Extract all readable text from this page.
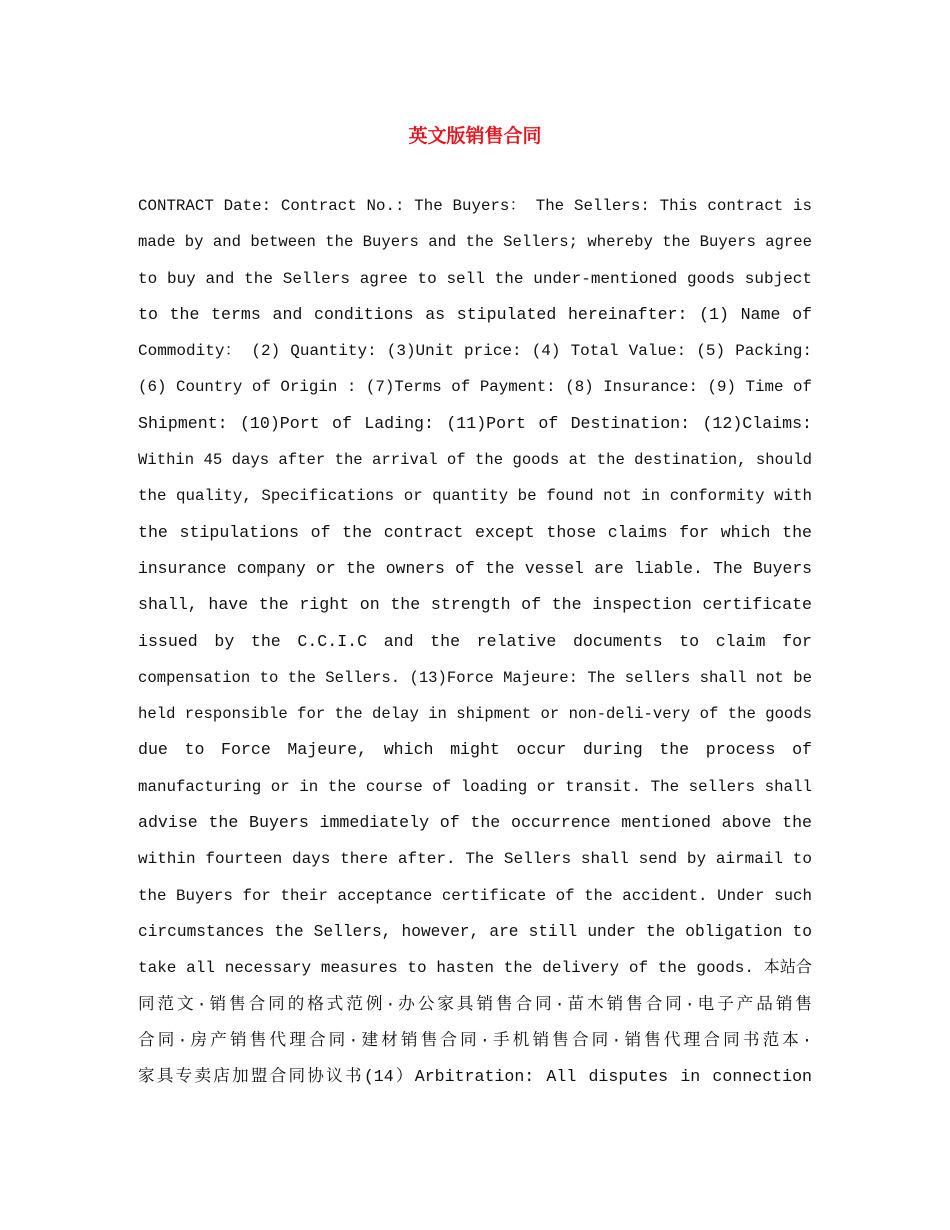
英文版销售合同
CONTRACT Date: Contract No.: The Buyers： The Sellers: This contract is
made by and between the Buyers and the Sellers; whereby the Buyers agree
to buy and the Sellers agree to sell the under-mentioned goods subject
to the terms and conditions as stipulated hereinafter: (1) Name of
Commodity： (2) Quantity: (3)Unit price: (4) Total Value: (5) Packing:
(6) Country of Origin : (7)Terms of Payment: (8) Insurance: (9) Time of
Shipment: (10)Port of Lading: (11)Port of Destination: (12)Claims:
Within 45 days after the arrival of the goods at the destination, should
the quality, Specifications or quantity be found not in conformity with
the stipulations of the contract except those claims for which the
insurance company or the owners of the vessel are liable. The Buyers
shall, have the right on the strength of the inspection certificate
issued by the C.C.I.C and the relative documents to claim for
compensation to the Sellers. (13)Force Majeure: The sellers shall not be
held responsible for the delay in shipment or non-deli-very of the goods
due to Force Majeure, which might occur during the process of
manufacturing or in the course of loading or transit. The sellers shall
advise the Buyers immediately of the occurrence mentioned above the
within fourteen days there after. The Sellers shall send by airmail to
the Buyers for their acceptance certificate of the accident. Under such
circumstances the Sellers, however, are still under the obligation to
take all necessary measures to hasten the delivery of the goods. 本站合
同范文·销售合同的格式范例·办公家具销售合同·苗木销售合同·电子产品销售
合同·房产销售代理合同·建材销售合同·手机销售合同·销售代理合同书范本·
家具专卖店加盟合同协议书(14）Arbitration: All disputes in connection
